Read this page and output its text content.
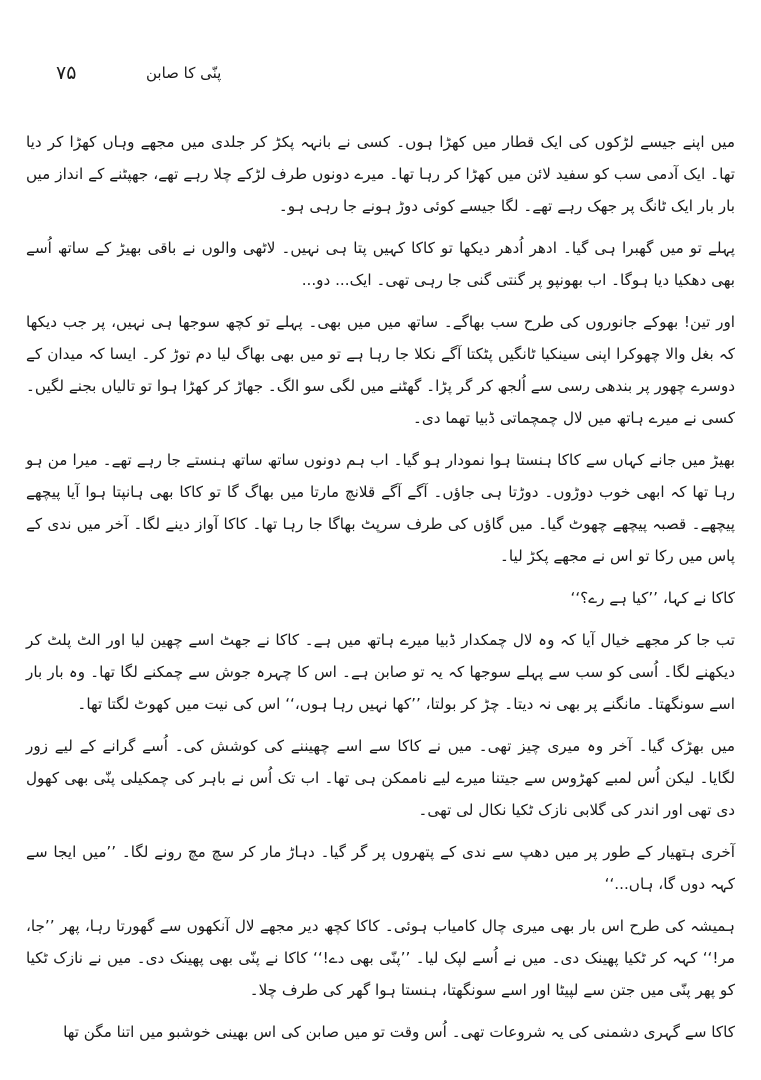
۷۵	پنّی کا صابن

میں اپنے جیسے لڑکوں کی ایک قطار میں کھڑا ہوں۔ کسی نے بانہہ پکڑ کر جلدی میں مجھے وہاں کھڑا کر دیا تھا۔ ایک آدمی سب کو سفید لائن میں کھڑا کر رہا تھا۔ میرے دونوں طرف لڑکے چلا رہے تھے، جھپٹنے کے انداز میں بار بار ایک ٹانگ پر جھک رہے تھے۔ لگا جیسے کوئی دوڑ ہونے جا رہی ہو۔

پہلے تو میں گھبرا ہی گیا۔ ادھر اُدھر دیکھا تو کاکا کہیں پتا ہی نہیں۔ لاٹھی والوں نے باقی بھیڑ کے ساتھ اُسے بھی دھکیا دیا ہوگا۔ اب بھونپو پر گنتی گنی جا رہی تھی۔ ایک... دو...

اور تین! بھوکے جانوروں کی طرح سب بھاگے۔ ساتھ میں میں بھی۔ پہلے تو کچھ سوجھا ہی نہیں، پر جب دیکھا کہ بغل والا چھوکرا اپنی سینکیا ٹانگیں پٹکتا آگے نکلا جا رہا ہے تو میں بھی بھاگ لیا دم توڑ کر۔ ایسا کہ میدان کے دوسرے چھور پر بندھی رسی سے اُلجھ کر گر پڑا۔ گھٹنے میں لگی سو الگ۔ جھاڑ کر کھڑا ہوا تو تالیاں بجنے لگیں۔ کسی نے میرے ہاتھ میں لال چمچماتی ڈبیا تھما دی۔

بھیڑ میں جانے کہاں سے کاکا ہنستا ہوا نمودار ہو گیا۔ اب ہم دونوں ساتھ ساتھ ہنستے جا رہے تھے۔ میرا من ہو رہا تھا کہ ابھی خوب دوڑوں۔ دوڑتا ہی جاؤں۔ آگے آگے قلانچ مارتا میں بھاگ گا تو کاکا بھی ہانپتا ہوا آیا پیچھے پیچھے۔ قصبہ پیچھے چھوٹ گیا۔ میں گاؤں کی طرف سرپٹ بھاگا جا رہا تھا۔ کاکا آواز دینے لگا۔ آخر میں ندی کے پاس میں رکا تو اس نے مجھے پکڑ لیا۔

کاکا نے کہا، ’’کیا ہے رے؟‘‘

تب جا کر مجھے خیال آیا کہ وہ لال چمکدار ڈبیا میرے ہاتھ میں ہے۔ کاکا نے جھٹ اسے چھین لیا اور الٹ پلٹ کر دیکھنے لگا۔ اُسی کو سب سے پہلے سوجھا کہ یہ تو صابن ہے۔ اس کا چہرہ جوش سے چمکنے لگا تھا۔ وہ بار بار اسے سونگھتا۔ مانگنے پر بھی نہ دیتا۔ چڑ کر بولتا، ’’کھا نہیں رہا ہوں،‘‘ اس کی نیت میں کھوٹ لگتا تھا۔

میں بھڑک گیا۔ آخر وہ میری چیز تھی۔ میں نے کاکا سے اسے چھیننے کی کوشش کی۔ اُسے گرانے کے لیے زور لگایا۔ لیکن اُس لمبے کھڑوس سے جیتنا میرے لیے ناممکن ہی تھا۔ اب تک اُس نے باہر کی چمکیلی پنّی بھی کھول دی تھی اور اندر کی گلابی نازک ٹکیا نکال لی تھی۔

آخری ہتھیار کے طور پر میں دھپ سے ندی کے پتھروں پر گر گیا۔ دہاڑ مار کر سچ مچ رونے لگا۔ ’’میں ایجا سے کہہ دوں گا، ہاں...‘‘

ہمیشہ کی طرح اس بار بھی میری چال کامیاب ہوئی۔ کاکا کچھ دیر مجھے لال آنکھوں سے گھورتا رہا، پھر ’’جا، مر!‘‘ کہہ کر ٹکیا پھینک دی۔ میں نے اُسے لپک لیا۔ ’’پنّی بھی دے!‘‘ کاکا نے پنّی بھی پھینک دی۔ میں نے نازک ٹکیا کو پھر پنّی میں جتن سے لپیٹا اور اسے سونگھتا، ہنستا ہوا گھر کی طرف چلا۔

کاکا سے گہری دشمنی کی یہ شروعات تھی۔ اُس وقت تو میں صابن کی اس بھینی خوشبو میں اتنا مگن تھا
